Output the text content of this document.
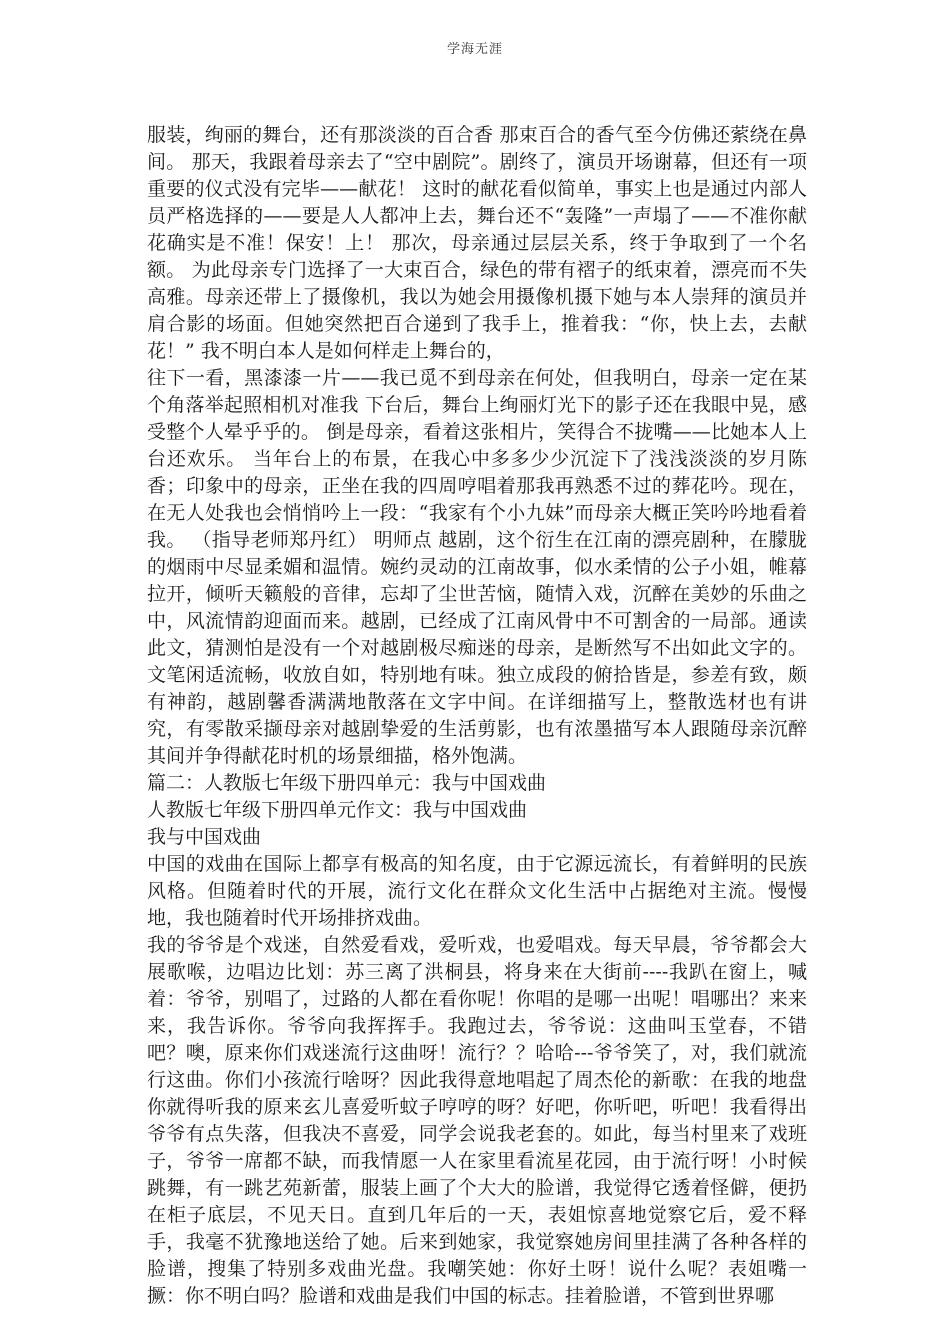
学海无涯

服装，绚丽的舞台，还有那淡淡的百合香 那束百合的香气至今仿佛还萦绕在鼻间。 那天，我跟着母亲去了“空中剧院”。剧终了，演员开场谢幕，但还有一项重要的仪式没有完毕——献花！ 这时的献花看似简单，事实上也是通过内部人员严格选择的——要是人人都冲上去，舞台还不“轰隆”一声塌了——不准你献花确实是不准！保安！上！ 那次，母亲通过层层关系，终于争取到了一个名额。 为此母亲专门选择了一大束百合，绿色的带有褶子的纸束着，漂亮而不失高雅。母亲还带上了摄像机，我以为她会用摄像机摄下她与本人崇拜的演员并肩合影的场面。但她突然把百合递到了我手上，推着我：“你，快上去，去献花！” 我不明白本人是如何样走上舞台的，

往下一看，黑漆漆一片——我已觅不到母亲在何处，但我明白，母亲一定在某个角落举起照相机对准我 下台后，舞台上绚丽灯光下的影子还在我眼中晃，感受整个人晕乎乎的。 倒是母亲，看着这张相片，笑得合不拢嘴——比她本人上台还欢乐。 当年台上的布景，在我心中多多少少沉淀下了浅浅淡淡的岁月陈香；印象中的母亲，正坐在我的四周哼唱着那我再熟悉不过的葬花吟。现在，在无人处我也会悄悄吟上一段：“我家有个小九妹”而母亲大概正笑吟吟地看着我。 （指导老师郑丹红） 明师点 越剧，这个衍生在江南的漂亮剧种，在朦胧的烟雨中尽显柔媚和温情。婉约灵动的江南故事，似水柔情的公子小姐，帷幕拉开，倾听天籁般的音律，忘却了尘世苦恼，随情入戏，沉醉在美妙的乐曲之中，风流情韵迎面而来。越剧，已经成了江南风骨中不可割舍的一局部。通读此文，猜测怕是没有一个对越剧极尽痴迷的母亲，是断然写不出如此文字的。文笔闲适流畅，收放自如，特别地有味。独立成段的俯拾皆是，参差有致，颇有神韵，越剧馨香满满地散落在文字中间。在详细描写上，整散选材也有讲究，有零散采撷母亲对越剧挚爱的生活剪影，也有浓墨描写本人跟随母亲沉醉其间并争得献花时机的场景细描，格外饱满。

篇二：人教版七年级下册四单元：我与中国戏曲

人教版七年级下册四单元作文：我与中国戏曲

我与中国戏曲

中国的戏曲在国际上都享有极高的知名度，由于它源远流长，有着鲜明的民族风格。但随着时代的开展，流行文化在群众文化生活中占据绝对主流。慢慢地，我也随着时代开场排挤戏曲。

我的爷爷是个戏迷，自然爱看戏，爱听戏，也爱唱戏。每天早晨，爷爷都会大展歌喉，边唱边比划：苏三离了洪桐县，将身来在大街前----我趴在窗上，喊着：爷爷，别唱了，过路的人都在看你呢！你唱的是哪一出呢！唱哪出？来来来，我告诉你。爷爷向我挥挥手。我跑过去，爷爷说：这曲叫玉堂春，不错吧？噢，原来你们戏迷流行这曲呀！流行？？哈哈---爷爷笑了，对，我们就流行这曲。你们小孩流行啥呀？因此我得意地唱起了周杰伦的新歌：在我的地盘你就得听我的原来玄儿喜爱听蚊子哼哼的呀？好吧，你听吧，听吧！我看得出爷爷有点失落，但我决不喜爱，同学会说我老套的。如此，每当村里来了戏班子，爷爷一席都不缺，而我情愿一人在家里看流星花园，由于流行呀！小时候跳舞，有一跳艺苑新蕾，服装上画了个大大的脸谱，我觉得它透着怪僻，便扔在柜子底层，不见天日。直到几年后的一天，表姐惊喜地觉察它后，爱不释手，我毫不犹豫地送给了她。后来到她家，我觉察她房间里挂满了各种各样的脸谱，搜集了特别多戏曲光盘。我嘲笑她：你好土呀！说什么呢？表姐嘴一撅：你不明白吗？脸谱和戏曲是我们中国的标志。挂着脸谱，不管到世界哪
